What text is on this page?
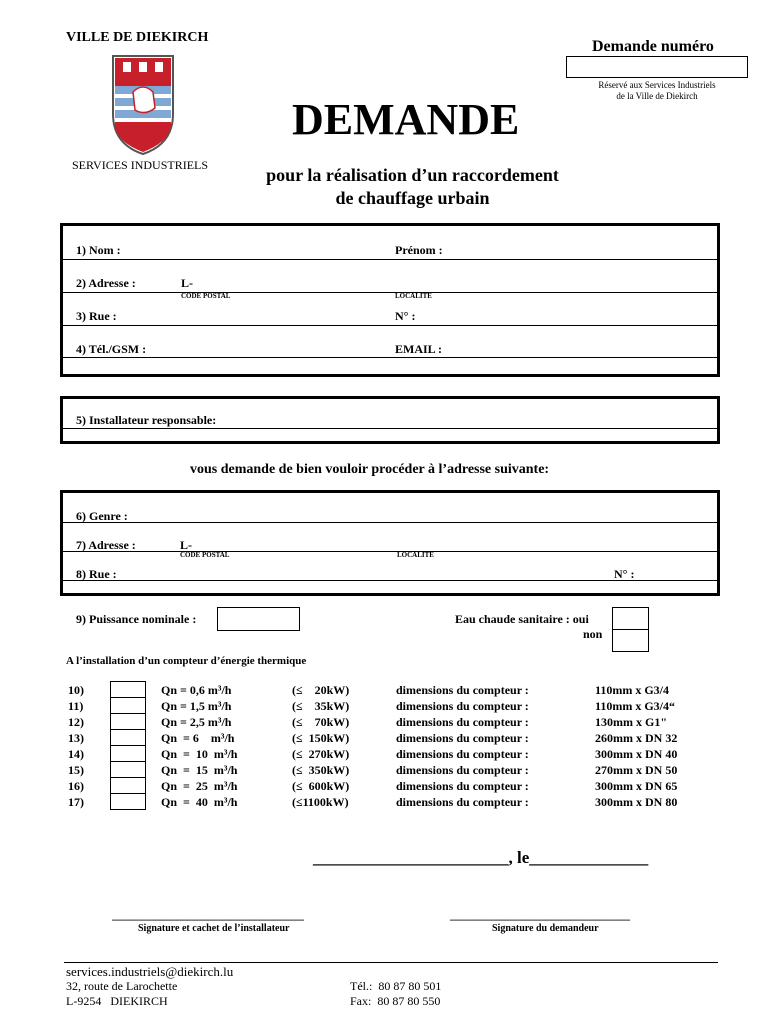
VILLE DE DIEKIRCH
SERVICES INDUSTRIELS
Demande numéro
Réservé aux Services Industriels
de la Ville de Diekirch
DEMANDE
pour la réalisation d’un raccordement
de chauffage urbain
1) Nom :	Prénom :
2) Adresse :	L-
CODE POSTAL	LOCALITE
3) Rue :	N° :
4) Tél./GSM :	EMAIL :
5) Installateur responsable:
vous demande de bien vouloir procéder à l’adresse suivante:
6) Genre :
7) Adresse :	L-
CODE POSTAL	LOCALITE
8) Rue :	N° :
9) Puissance nominale :	Eau chaude sanitaire : oui
non
A l’installation d’un compteur d’énergie thermique
10)	Qn = 0,6 m³/h	(≤    20kW)	dimensions du compteur :	110mm x G3/4
11)	Qn = 1,5 m³/h	(≤    35kW)	dimensions du compteur :	110mm x G3/4“
12)	Qn = 2,5 m³/h	(≤    70kW)	dimensions du compteur :	130mm x G1"
13)	Qn  = 6    m³/h	(≤  150kW)	dimensions du compteur :	260mm x DN 32
14)	Qn  =  10  m³/h	(≤  270kW)	dimensions du compteur :	300mm x DN 40
15)	Qn  =  15  m³/h	(≤  350kW)	dimensions du compteur :	270mm x DN 50
16)	Qn  =  25  m³/h	(≤  600kW)	dimensions du compteur :	300mm x DN 65
17)	Qn  =  40  m³/h	(≤1100kW)	dimensions du compteur :	300mm x DN 80
_______________________, le______________
________________________________
Signature et cachet de l’installateur
______________________________
Signature du demandeur
services.industriels@diekirch.lu
32, route de Larochette
L-9254   DIEKIRCH
Tél.:  80 87 80 501
Fax:  80 87 80 550
